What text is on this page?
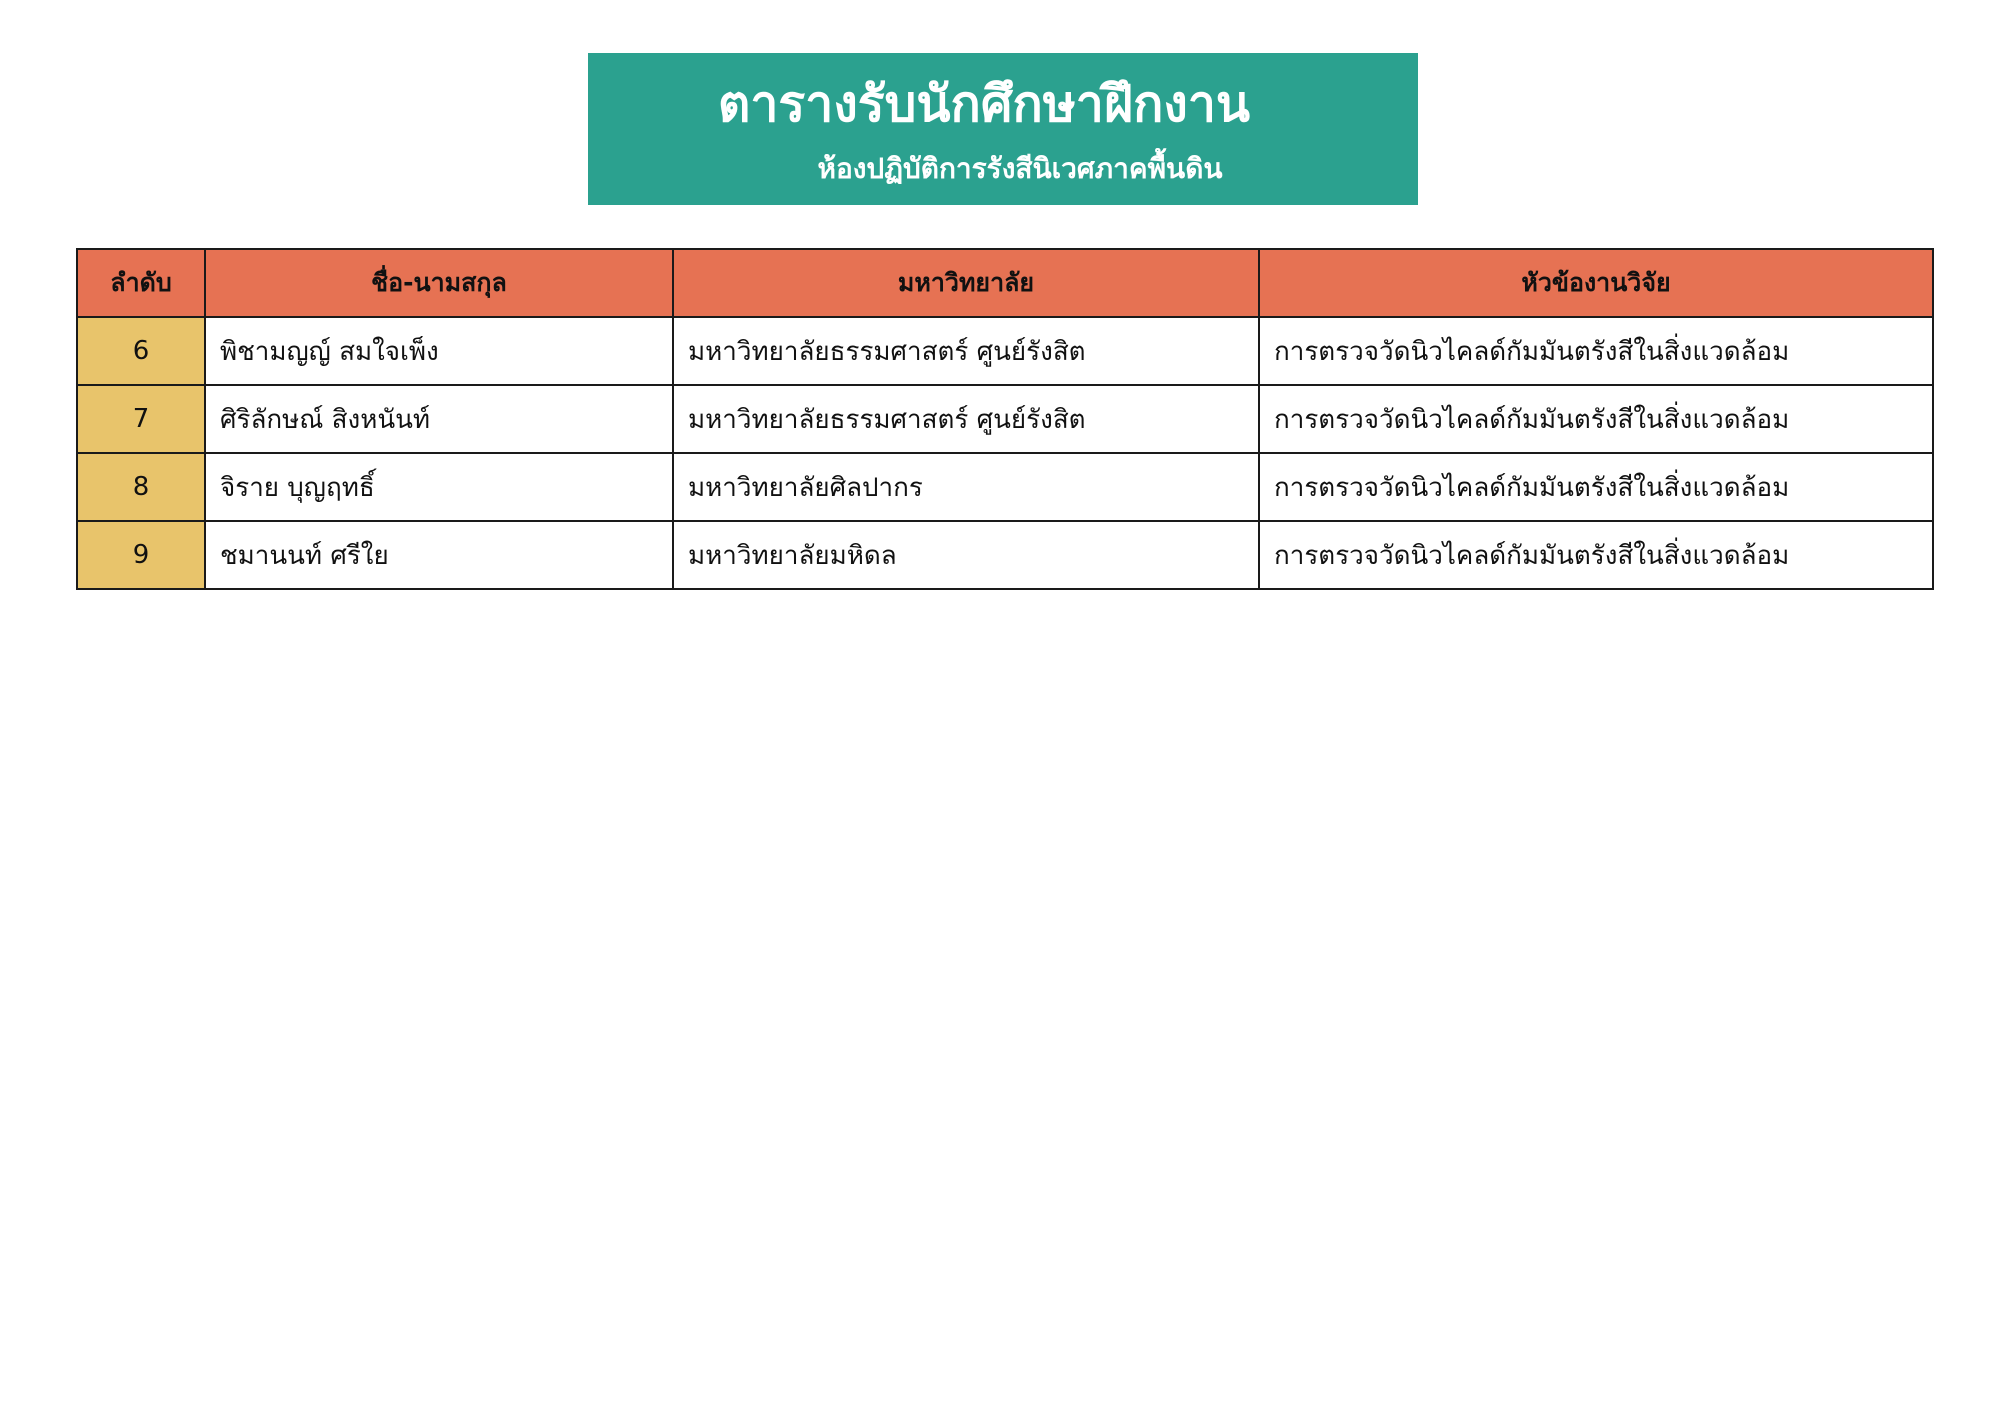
ตารางรับนักศึกษาฝึกงาน
ห้องปฏิบัติการรังสีนิเวศภาคพื้นดิน
ลำดับ	ชื่อ-นามสกุล	มหาวิทยาลัย	หัวข้องานวิจัย
6	พิชามญญ์ สมใจเพ็ง	มหาวิทยาลัยธรรมศาสตร์ ศูนย์รังสิต	การตรวจวัดนิวไคลด์กัมมันตรังสีในสิ่งแวดล้อม
7	ศิริลักษณ์ สิงหนันท์	มหาวิทยาลัยธรรมศาสตร์ ศูนย์รังสิต	การตรวจวัดนิวไคลด์กัมมันตรังสีในสิ่งแวดล้อม
8	จิราย บุญฤทธิ์	มหาวิทยาลัยศิลปากร	การตรวจวัดนิวไคลด์กัมมันตรังสีในสิ่งแวดล้อม
9	ชมานนท์ ศรีใย	มหาวิทยาลัยมหิดล	การตรวจวัดนิวไคลด์กัมมันตรังสีในสิ่งแวดล้อม
